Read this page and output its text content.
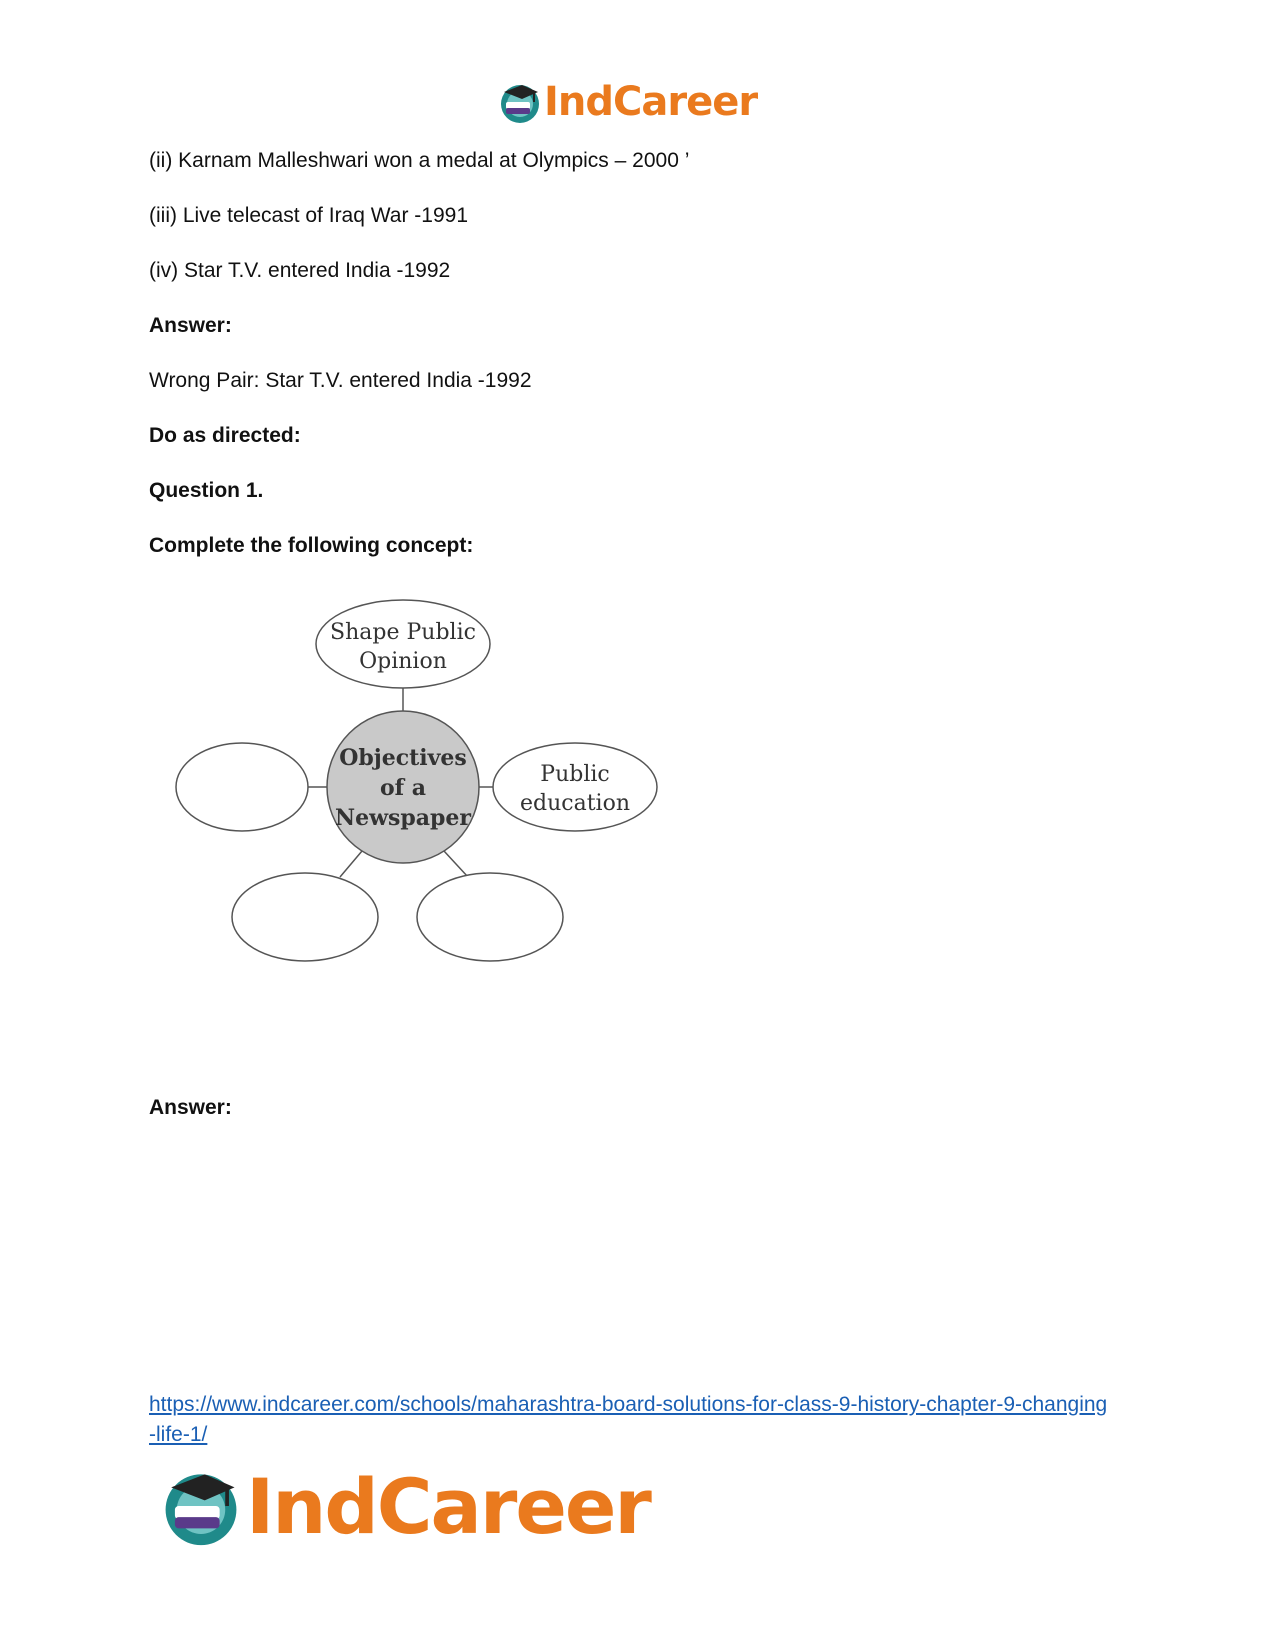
IndCareer
(ii) Karnam Malleshwari won a medal at Olympics – 2000 ’
(iii) Live telecast of Iraq War -1991
(iv) Star T.V. entered India -1992
Answer:
Wrong Pair: Star T.V. entered India -1992
Do as directed:
Question 1.
Complete the following concept:
Objectives
of a
Newspaper
Shape Public
Opinion
Public
education
Answer:
https://www.indcareer.com/schools/maharashtra-board-solutions-for-class-9-history-chapter-9-changing-life-1/
IndCareer
